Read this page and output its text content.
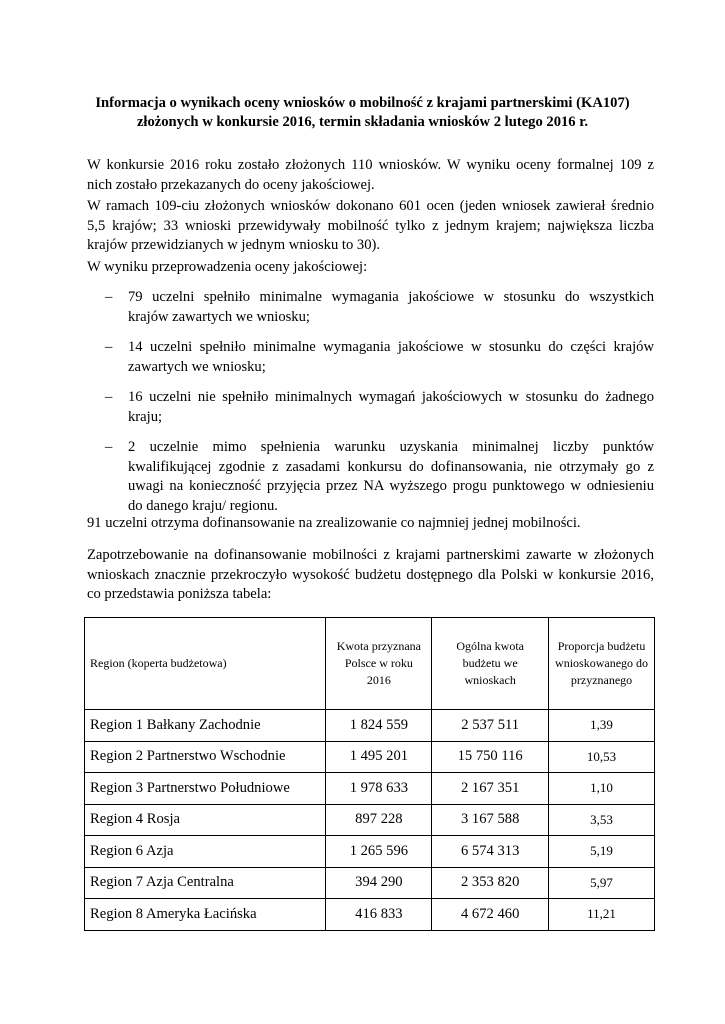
Informacja o wynikach oceny wniosków o mobilność z krajami partnerskimi (KA107)
złożonych w konkursie 2016, termin składania wniosków 2 lutego 2016 r.

W konkursie 2016 roku zostało złożonych 110 wniosków. W wyniku oceny formalnej 109 z
nich zostało przekazanych do oceny jakościowej.

W ramach 109-ciu złożonych wniosków dokonano 601 ocen (jeden wniosek zawierał średnio
5,5 krajów; 33 wnioski przewidywały mobilność tylko z jednym krajem; największa liczba
krajów przewidzianych w jednym wniosku to 30).

W wyniku przeprowadzenia oceny jakościowej:

– 79 uczelni spełniło minimalne wymagania jakościowe w stosunku do wszystkich
krajów zawartych we wniosku;
– 14 uczelni spełniło minimalne wymagania jakościowe w stosunku do części krajów
zawartych we wniosku;
– 16 uczelni nie spełniło minimalnych wymagań jakościowych w stosunku do żadnego
kraju;
– 2 uczelnie mimo spełnienia warunku uzyskania minimalnej liczby punktów
kwalifikującej zgodnie z zasadami konkursu do dofinansowania, nie otrzymały go z
uwagi na konieczność przyjęcia przez NA wyższego progu punktowego w odniesieniu
do danego kraju/ regionu.

91 uczelni otrzyma dofinansowanie na zrealizowanie co najmniej jednej mobilności.

Zapotrzebowanie na dofinansowanie mobilności z krajami partnerskimi zawarte w złożonych
wnioskach znacznie przekroczyło wysokość budżetu dostępnego dla Polski w konkursie 2016,
co przedstawia poniższa tabela:

Region (koperta budżetowa)	Kwota przyznana
Polsce w roku
2016	Ogólna kwota
budżetu we
wnioskach	Proporcja budżetu
wnioskowanego do
przyznanego

Region 1 Bałkany Zachodnie	1 824 559	2 537 511	1,39
Region 2 Partnerstwo Wschodnie	1 495 201	15 750 116	10,53
Region 3 Partnerstwo Południowe	1 978 633	2 167 351	1,10
Region 4 Rosja	897 228	3 167 588	3,53
Region 6 Azja	1 265 596	6 574 313	5,19
Region 7 Azja Centralna	394 290	2 353 820	5,97
Region 8 Ameryka Łacińska	416 833	4 672 460	11,21
